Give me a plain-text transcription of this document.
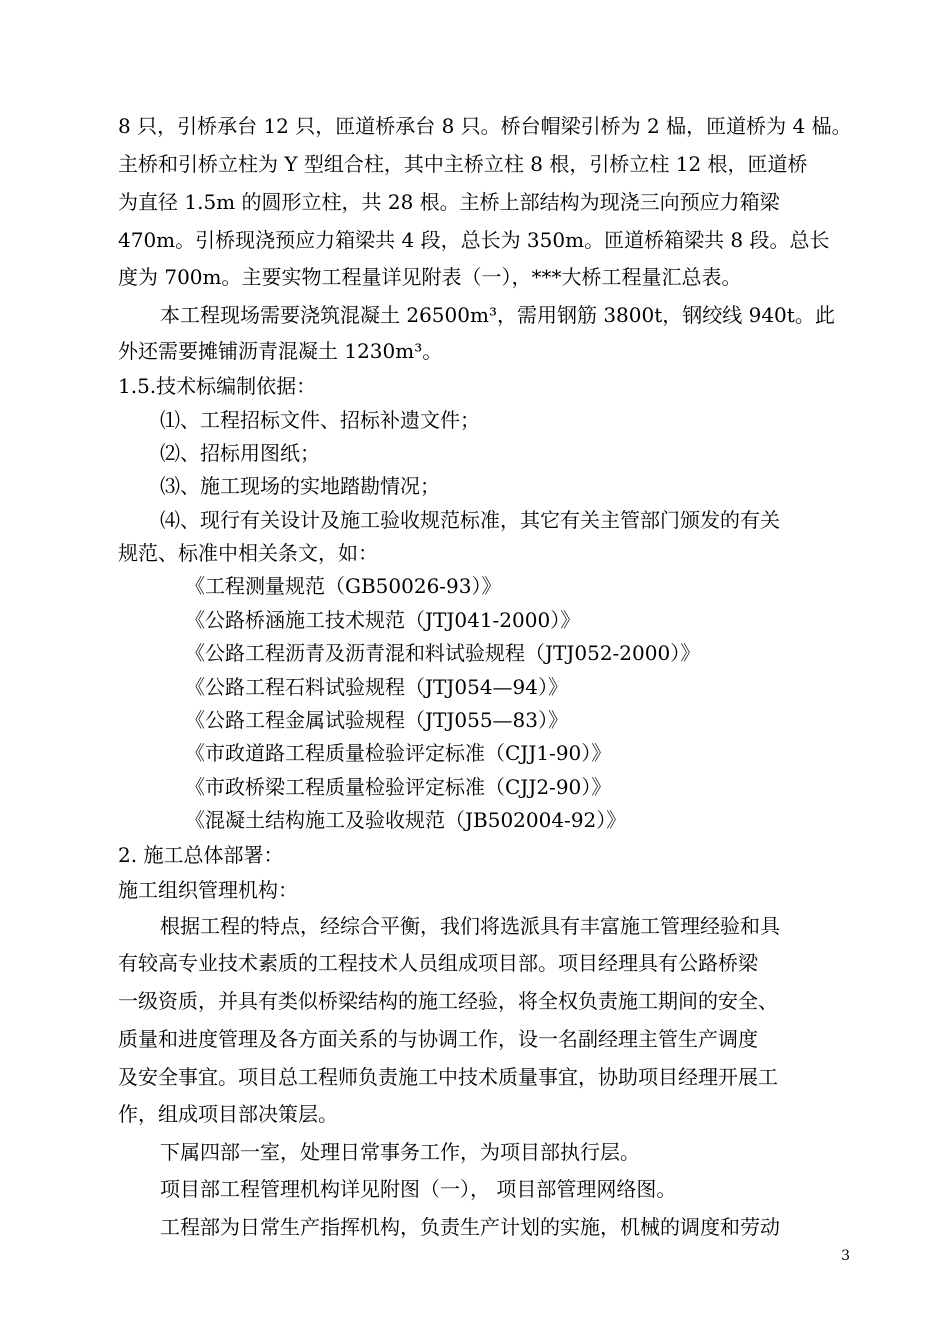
8 只，引桥承台 12 只，匝道桥承台 8 只。桥台帽梁引桥为 2 榀，匝道桥为 4 榀。
主桥和引桥立柱为 Y 型组合柱，其中主桥立柱 8 根，引桥立柱 12 根，匝道桥
为直径 1.5m 的圆形立柱，共 28 根。主桥上部结构为现浇三向预应力箱梁
470m。引桥现浇预应力箱梁共 4 段，总长为 350m。匝道桥箱梁共 8 段。总长
度为 700m。主要实物工程量详见附表（一），***大桥工程量汇总表。
本工程现场需要浇筑混凝土 26500m³，需用钢筋 3800t，钢绞线 940t。此
外还需要摊铺沥青混凝土 1230m³。
1.5.技术标编制依据：
⑴、工程招标文件、招标补遗文件；
⑵、招标用图纸；
⑶、施工现场的实地踏勘情况；
⑷、现行有关设计及施工验收规范标准，其它有关主管部门颁发的有关
规范、标准中相关条文，如：
《工程测量规范（GB50026-93）》
《公路桥涵施工技术规范（JTJ041-2000）》
《公路工程沥青及沥青混和料试验规程（JTJ052-2000）》
《公路工程石料试验规程（JTJ054—94）》
《公路工程金属试验规程（JTJ055—83）》
《市政道路工程质量检验评定标准（CJJ1-90）》
《市政桥梁工程质量检验评定标准（CJJ2-90）》
《混凝土结构施工及验收规范（JB502004-92）》
2. 施工总体部署：
施工组织管理机构：
根据工程的特点，经综合平衡，我们将选派具有丰富施工管理经验和具
有较高专业技术素质的工程技术人员组成项目部。项目经理具有公路桥梁
一级资质，并具有类似桥梁结构的施工经验，将全权负责施工期间的安全、
质量和进度管理及各方面关系的与协调工作，设一名副经理主管生产调度
及安全事宜。项目总工程师负责施工中技术质量事宜，协助项目经理开展工
作，组成项目部决策层。
下属四部一室，处理日常事务工作，为项目部执行层。
项目部工程管理机构详见附图（一）， 项目部管理网络图。
工程部为日常生产指挥机构，负责生产计划的实施，机械的调度和劳动
3
